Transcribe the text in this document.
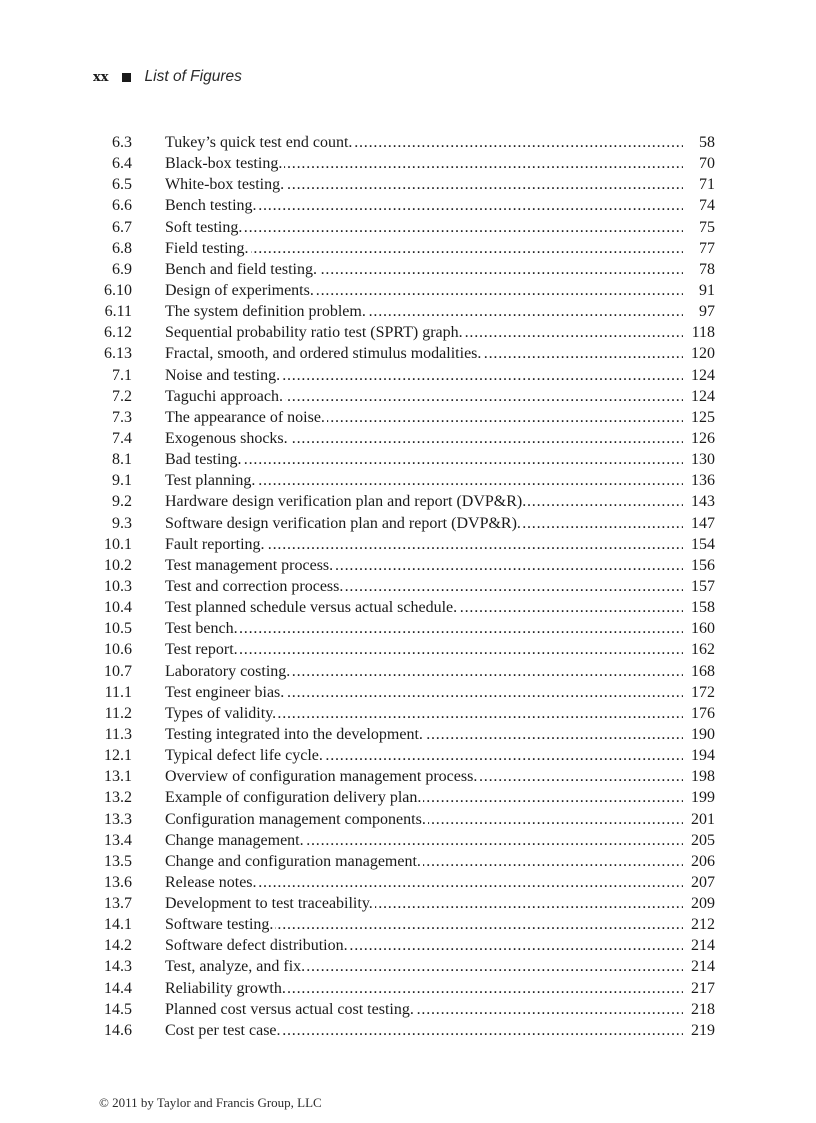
xx List of Figures
6.3 Tukey’s quick test end count. . . .	58
6.4 Black-box testing. . . .	70
6.5 White-box testing. . . .	71
6.6 Bench testing. . . .	74
6.7 Soft testing. . . .	75
6.8 Field testing. . . .	77
6.9 Bench and field testing. . . .	78
6.10 Design of experiments. . . .	91
6.11 The system definition problem. . . .	97
6.12 Sequential probability ratio test (SPRT) graph. . . .	118
6.13 Fractal, smooth, and ordered stimulus modalities. . . .	120
7.1 Noise and testing. . . .	124
7.2 Taguchi approach. . . .	124
7.3 The appearance of noise. . . .	125
7.4 Exogenous shocks. . . .	126
8.1 Bad testing. . . .	130
9.1 Test planning. . . .	136
9.2 Hardware design verification plan and report (DVP&R). . . .	143
9.3 Software design verification plan and report (DVP&R). . . .	147
10.1 Fault reporting. . . .	154
10.2 Test management process. . . .	156
10.3 Test and correction process. . . .	157
10.4 Test planned schedule versus actual schedule. . . .	158
10.5 Test bench. . . .	160
10.6 Test report. . . .	162
10.7 Laboratory costing. . . .	168
11.1 Test engineer bias. . . .	172
11.2 Types of validity. . . .	176
11.3 Testing integrated into the development. . . .	190
12.1 Typical defect life cycle. . . .	194
13.1 Overview of configuration management process. . . .	198
13.2 Example of configuration delivery plan. . . .	199
13.3 Configuration management components. . . .	201
13.4 Change management. . . .	205
13.5 Change and configuration management. . . .	206
13.6 Release notes. . . .	207
13.7 Development to test traceability. . . .	209
14.1 Software testing. . . .	212
14.2 Software defect distribution. . . .	214
14.3 Test, analyze, and fix. . . .	214
14.4 Reliability growth. . . .	217
14.5 Planned cost versus actual cost testing. . . .	218
14.6 Cost per test case. . . .	219
© 2011 by Taylor and Francis Group, LLC
